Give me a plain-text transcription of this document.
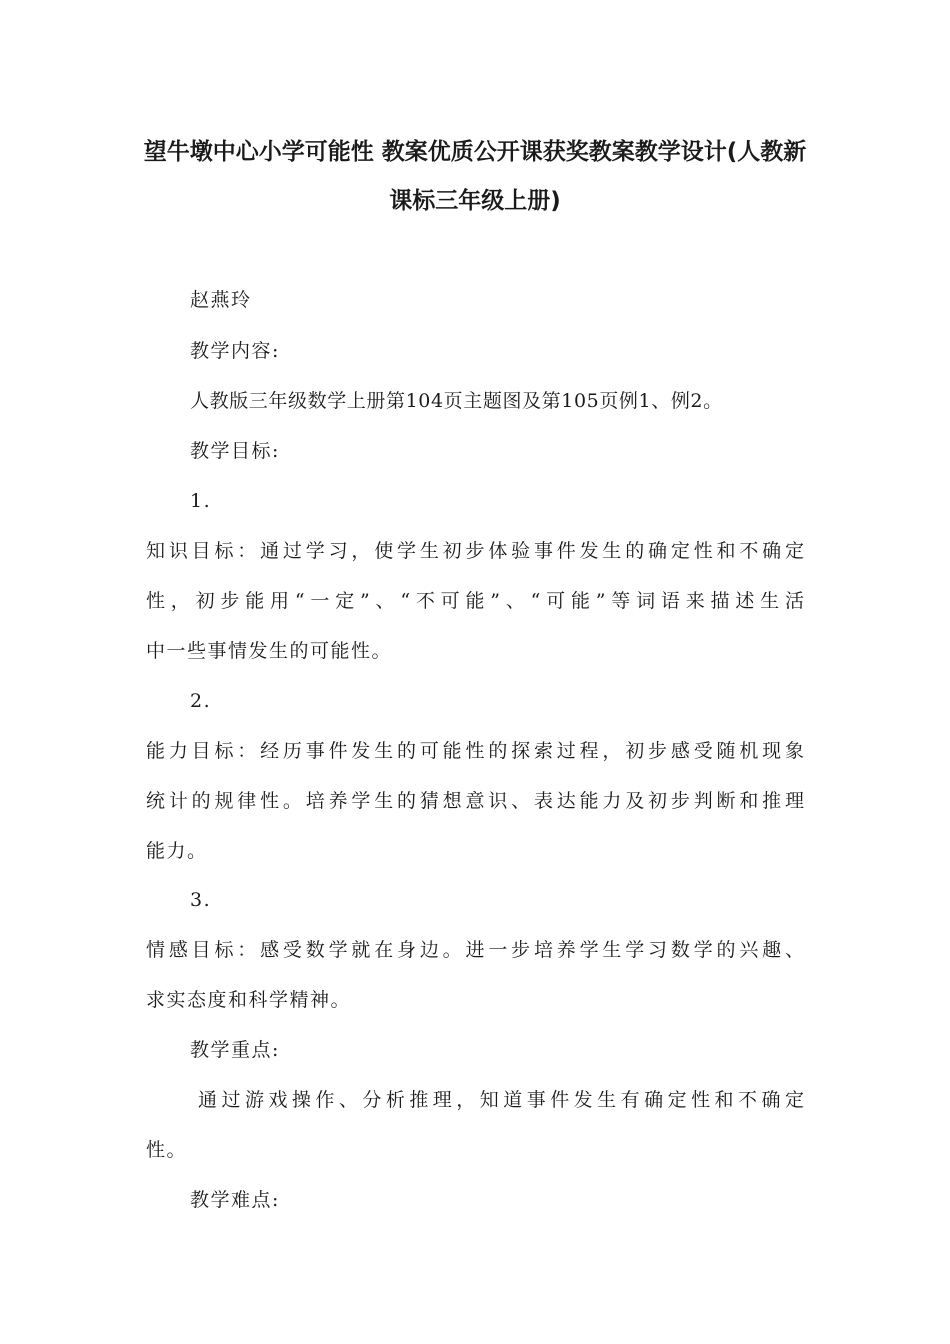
望牛墩中心小学可能性 教案优质公开课获奖教案教学设计(人教新
课标三年级上册)
赵燕玲
教学内容:
人教版三年级数学上册第104页主题图及第105页例1、例2。
教学目标:
1.
知识目标：通过学习，使学生初步体验事件发生的确定性和不确定
性，初步能用“一定”、“不可能”、“可能”等词语来描述生活
中一些事情发生的可能性。
2.
能力目标：经历事件发生的可能性的探索过程，初步感受随机现象
统计的规律性。培养学生的猜想意识、表达能力及初步判断和推理
能力。
3.
情感目标：感受数学就在身边。进一步培养学生学习数学的兴趣、
求实态度和科学精神。
教学重点:
通过游戏操作、分析推理，知道事件发生有确定性和不确定
性。
教学难点:
